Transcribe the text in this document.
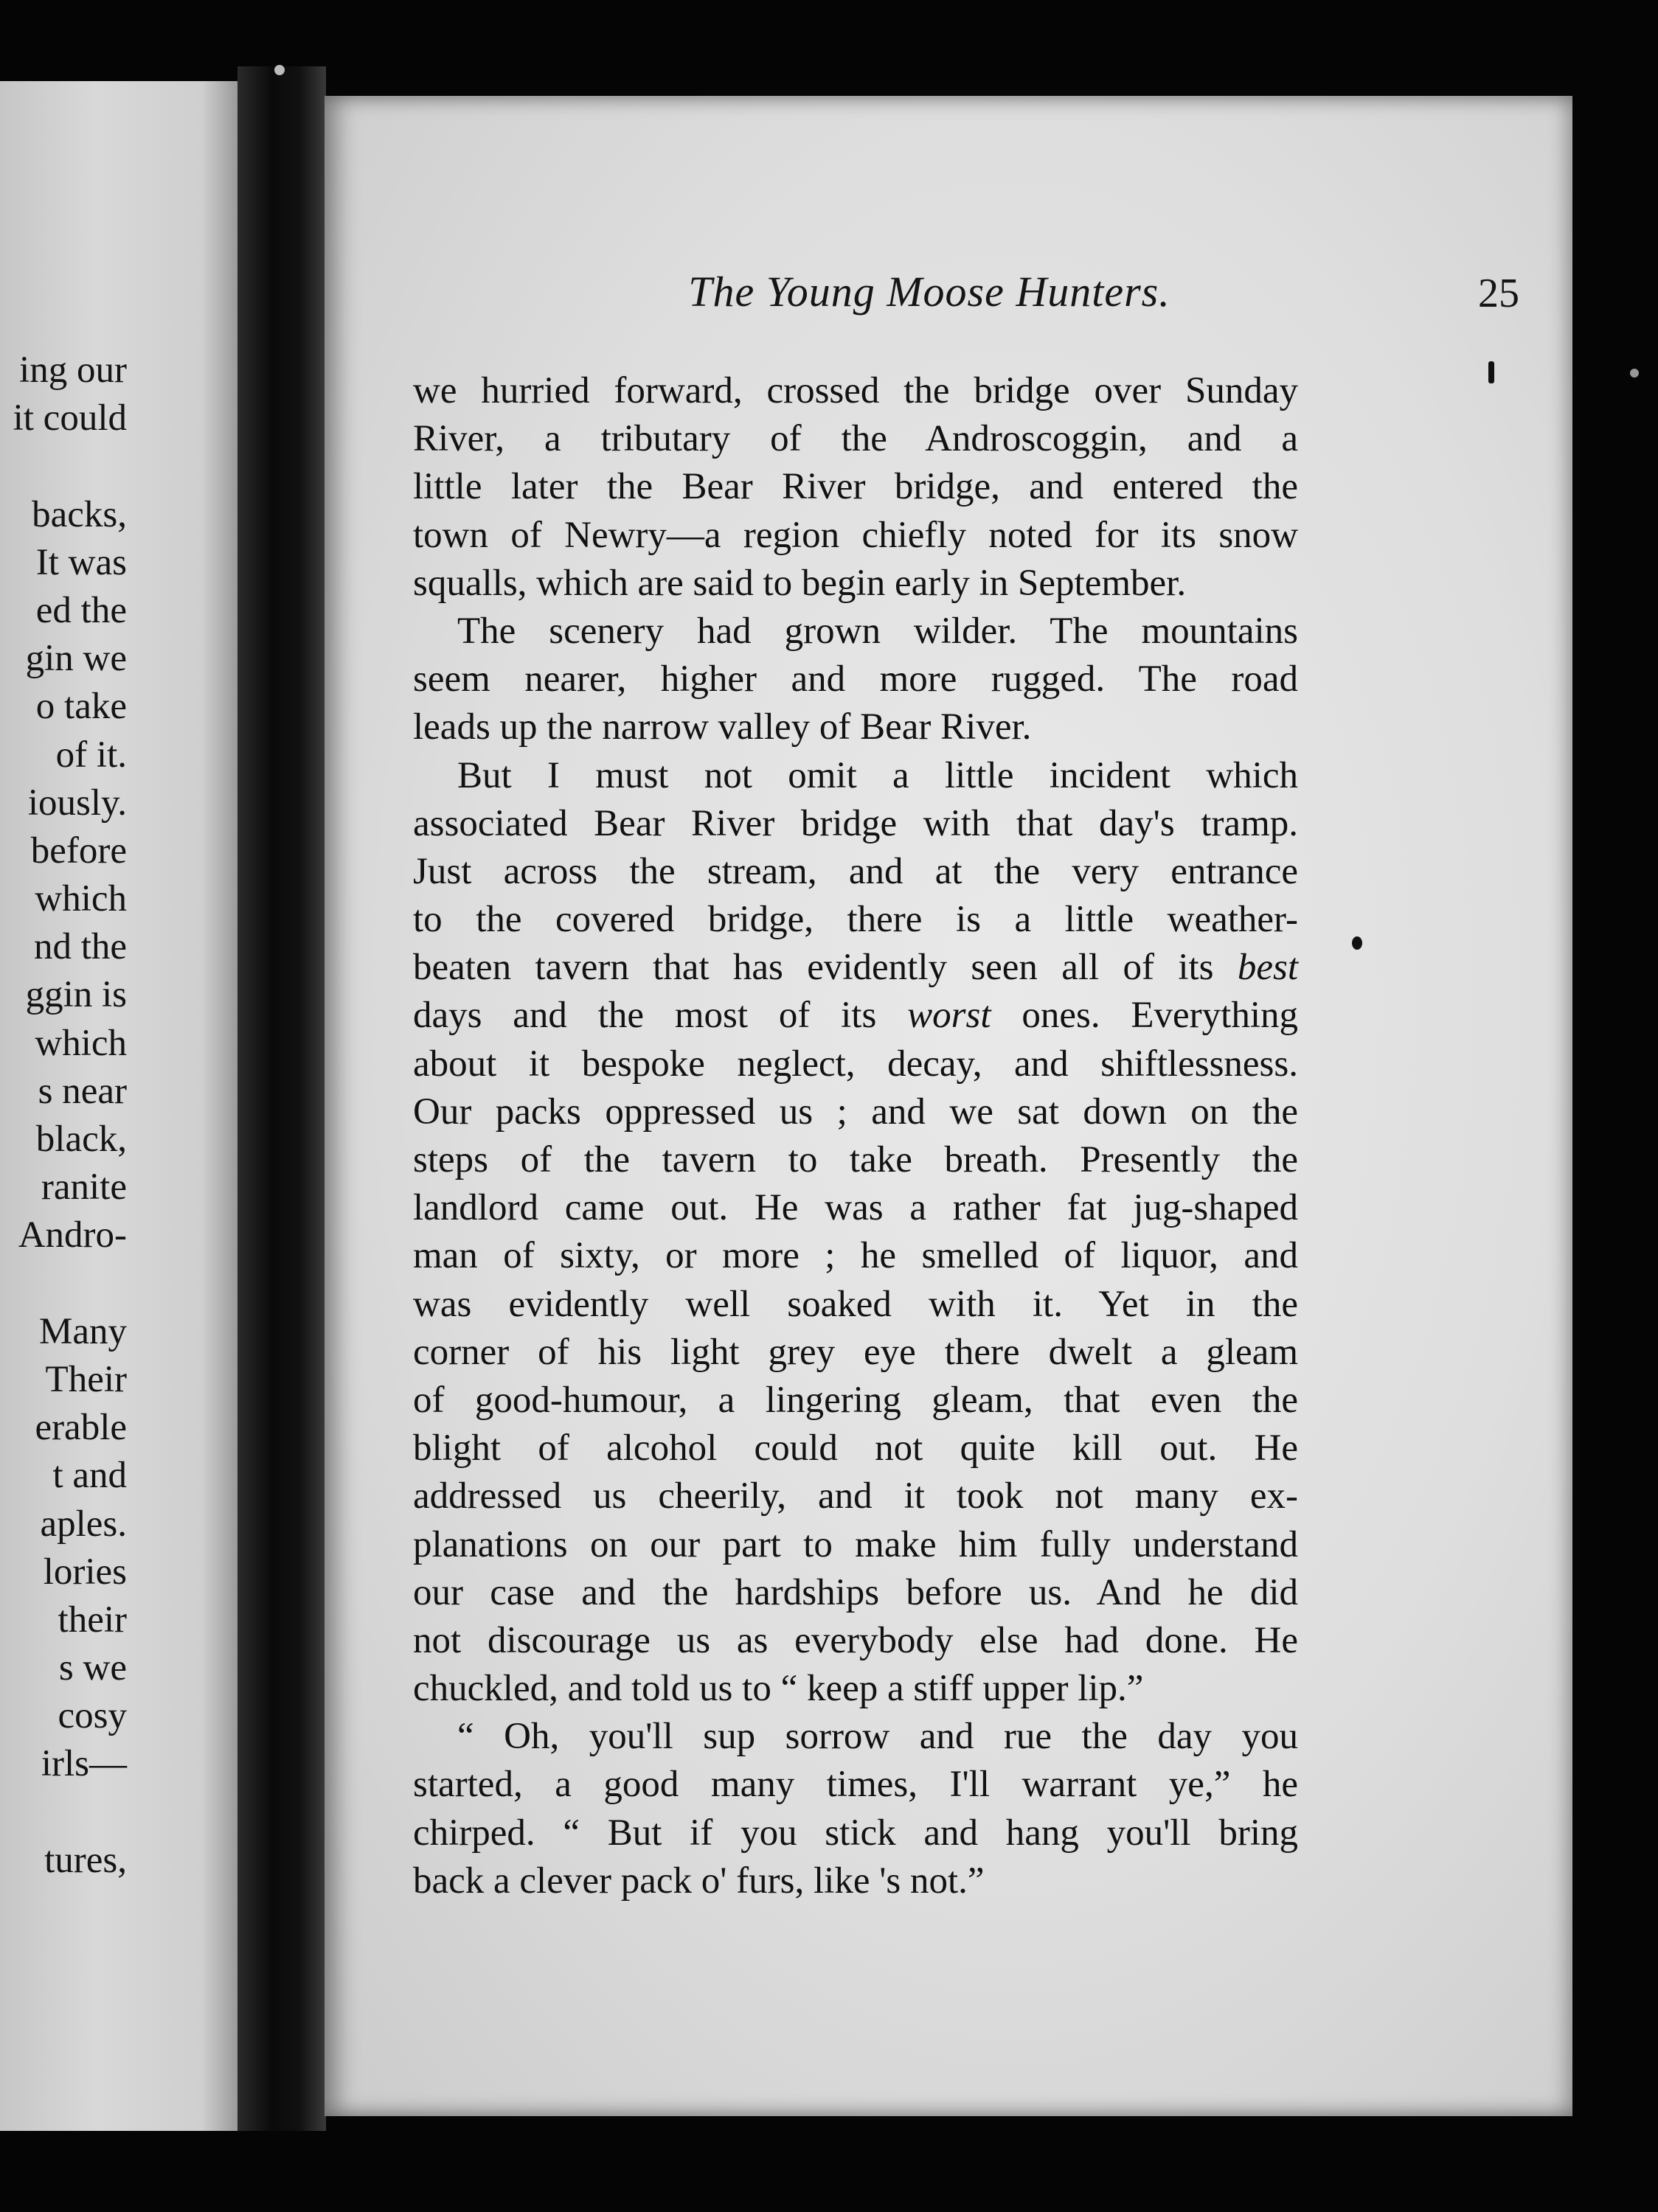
ing our
it could
backs,
It was
ed the
gin we
o take
of it.
iously.
before
which
nd the
ggin is
which
s near
black,
ranite
Andro-
Many
Their
erable
t and
aples.
lories
their
s we
cosy
irls—
tures,
The Young Moose Hunters.	25
we hurried forward, crossed the bridge over Sunday
River, a tributary of the Androscoggin, and a
little later the Bear River bridge, and entered the
town of Newry—a region chiefly noted for its snow
squalls, which are said to begin early in September.
The scenery had grown wilder. The mountains
seem nearer, higher and more rugged. The road
leads up the narrow valley of Bear River.
But I must not omit a little incident which
associated Bear River bridge with that day's tramp.
Just across the stream, and at the very entrance
to the covered bridge, there is a little weather-
beaten tavern that has evidently seen all of its best
days and the most of its worst ones. Everything
about it bespoke neglect, decay, and shiftlessness.
Our packs oppressed us ; and we sat down on the
steps of the tavern to take breath. Presently the
landlord came out. He was a rather fat jug-shaped
man of sixty, or more ; he smelled of liquor, and
was evidently well soaked with it. Yet in the
corner of his light grey eye there dwelt a gleam
of good-humour, a lingering gleam, that even the
blight of alcohol could not quite kill out. He
addressed us cheerily, and it took not many ex-
planations on our part to make him fully understand
our case and the hardships before us. And he did
not discourage us as everybody else had done. He
chuckled, and told us to “ keep a stiff upper lip.”
“ Oh, you'll sup sorrow and rue the day you
started, a good many times, I'll warrant ye,” he
chirped. “ But if you stick and hang you'll bring
back a clever pack o' furs, like 's not.”
